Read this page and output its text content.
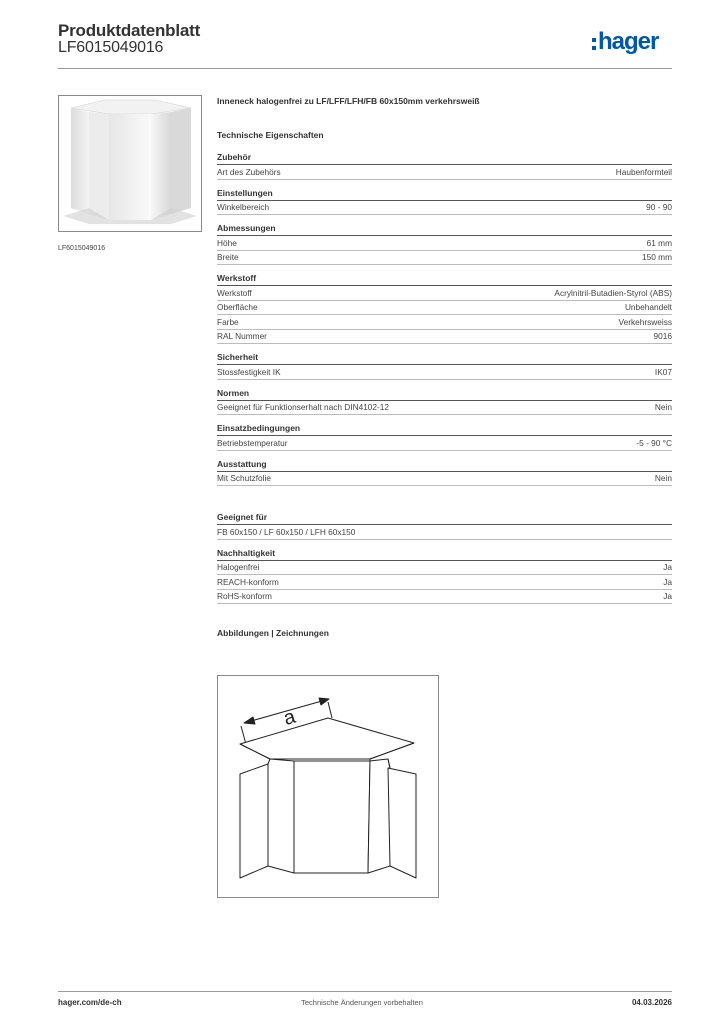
Produktdatenblatt
LF6015049016	hager
LF6015049016
Inneneck halogenfrei zu LF/LFF/LFH/FB 60x150mm verkehrsweiß
Technische Eigenschaften
Zubehör
Art des Zubehörs	Haubenformteil
Einstellungen
Winkelbereich	90 - 90
Abmessungen
Höhe	61 mm
Breite	150 mm
Werkstoff
Werkstoff	Acrylnitril-Butadien-Styrol (ABS)
Oberfläche	Unbehandelt
Farbe	Verkehrsweiss
RAL Nummer	9016
Sicherheit
Stossfestigkeit IK	IK07
Normen
Geeignet für Funktionserhalt nach DIN4102-12	Nein
Einsatzbedingungen
Betriebstemperatur	-5 - 90 °C
Ausstattung
Mit Schutzfolie	Nein
Geeignet für
FB 60x150 / LF 60x150 / LFH 60x150
Nachhaltigkeit
Halogenfrei	Ja
REACH-konform	Ja
RoHS-konform	Ja
Abbildungen | Zeichnungen
a
hager.com/de-ch	Technische Änderungen vorbehalten	04.03.2026
